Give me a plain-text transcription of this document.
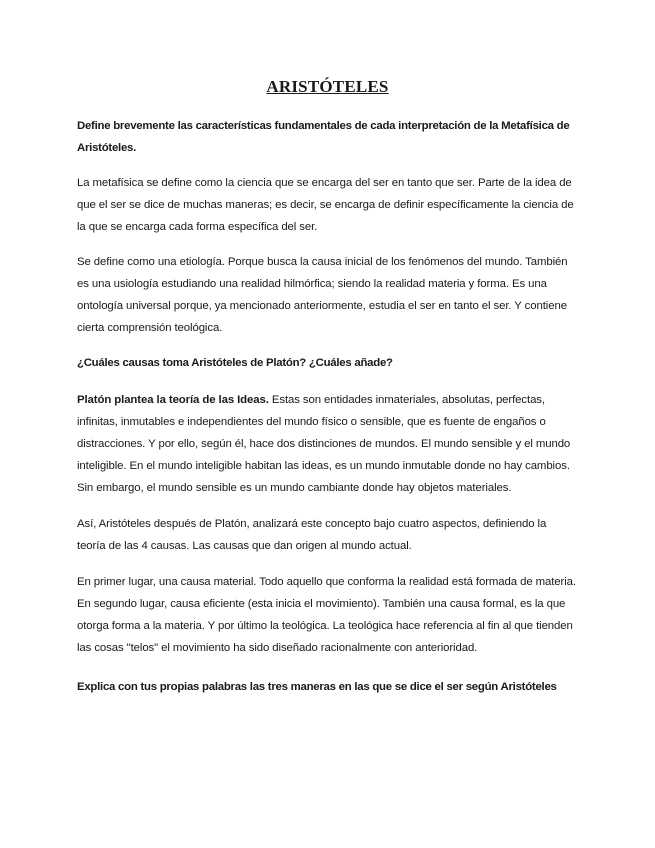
ARISTÓTELES
Define brevemente las características fundamentales de cada interpretación de la Metafísica de Aristóteles.
La metafísica se define como la ciencia que se encarga del ser en tanto que ser. Parte de la idea de que el ser se dice de muchas maneras; es decir, se encarga de definir específicamente la ciencia de la que se encarga cada forma específica del ser.
Se define como una etiología. Porque busca la causa inicial de los fenómenos del mundo. También es una usiología estudiando una realidad hilmórfica; siendo la realidad materia y forma. Es una ontología universal porque, ya mencionado anteriormente, estudia el ser en tanto el ser. Y contiene cierta comprensión teológica.
¿Cuáles causas toma Aristóteles de Platón? ¿Cuáles añade?
Platón plantea la teoría de las Ideas. Estas son entidades inmateriales, absolutas, perfectas, infinitas, inmutables e independientes del mundo físico o sensible, que es fuente de engaños o distracciones. Y por ello, según él, hace dos distinciones de mundos. El mundo sensible y el mundo inteligible. En el mundo inteligible habitan las ideas, es un mundo inmutable donde no hay cambios. Sin embargo, el mundo sensible es un mundo cambiante donde hay objetos materiales.
Así, Aristóteles después de Platón, analizará este concepto bajo cuatro aspectos, definiendo la teoría de las 4 causas. Las causas que dan origen al mundo actual.
En primer lugar, una causa material. Todo aquello que conforma la realidad está formada de materia. En segundo lugar, causa eficiente (esta inicia el movimiento). También una causa formal, es la que otorga forma a la materia. Y por último la teológica. La teológica hace referencia al fin al que tienden las cosas "telos" el movimiento ha sido diseñado racionalmente con anterioridad.
Explica con tus propias palabras las tres maneras en las que se dice el ser según Aristóteles
